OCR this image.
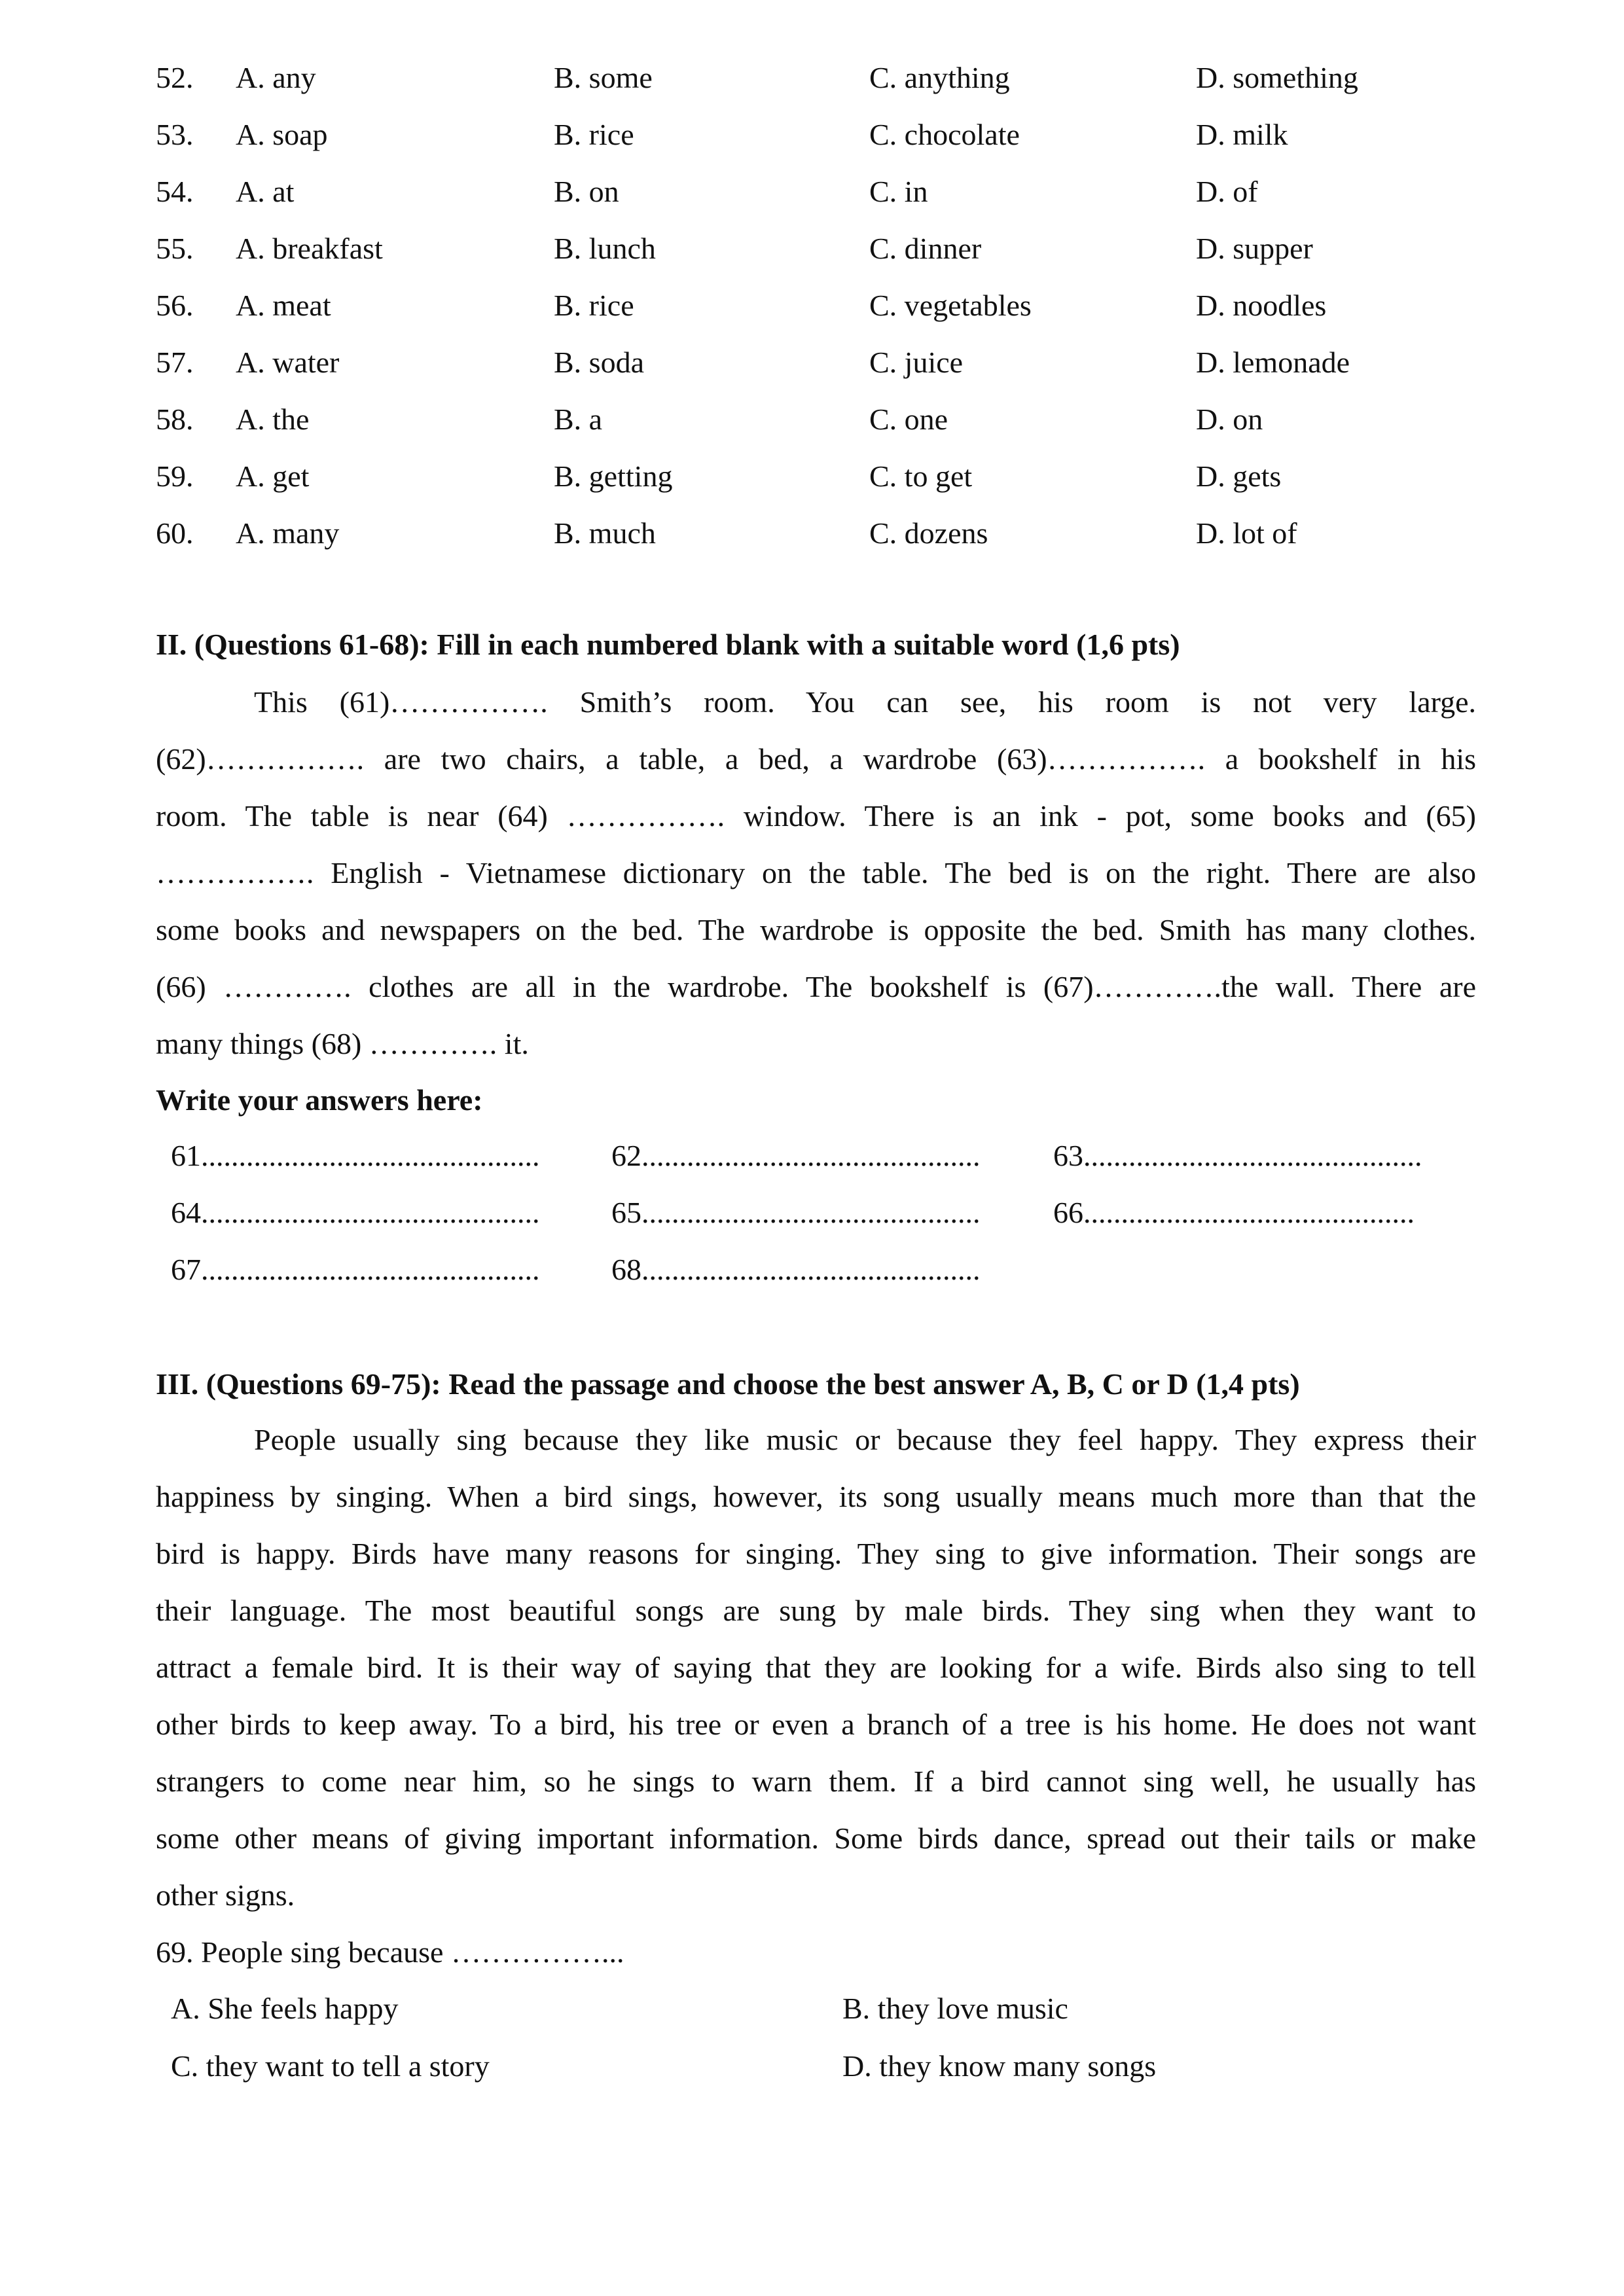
52. A. any	B. some	C. anything	D. something
53. A. soap	B. rice	C. chocolate	D. milk
54. A. at	B. on	C. in	D. of
55. A. breakfast	B. lunch	C. dinner	D. supper
56. A. meat	B. rice	C. vegetables	D. noodles
57. A. water	B. soda	C. juice	D. lemonade
58. A. the	B. a	C. one	D. on
59. A. get	B. getting	C. to get	D. gets
60. A. many	B. much	C. dozens	D. lot of
II. (Questions 61-68): Fill in each numbered blank with a suitable word (1,6 pts)
This (61)……………. Smith’s room. You can see, his room is not very large.
(62)……………. are two chairs, a table, a bed, a wardrobe (63)……………. a bookshelf in his
room. The table is near (64) ……………. window. There is an ink - pot, some books and (65)
……………. English - Vietnamese dictionary on the table. The bed is on the right. There are also
some books and newspapers on the bed. The wardrobe is opposite the bed. Smith has many clothes.
(66) …………. clothes are all in the wardrobe. The bookshelf is (67)………….the wall. There are
many things (68) …………. it.
Write your answers here:
61............................................. 62............................................. 63.............................................
64............................................. 65............................................. 66............................................
67............................................. 68.............................................
III. (Questions 69-75): Read the passage and choose the best answer A, B, C or D (1,4 pts)
People usually sing because they like music or because they feel happy. They express their
happiness by singing. When a bird sings, however, its song usually means much more than that the
bird is happy. Birds have many reasons for singing. They sing to give information. Their songs are
their language. The most beautiful songs are sung by male birds. They sing when they want to
attract a female bird. It is their way of saying that they are looking for a wife. Birds also sing to tell
other birds to keep away. To a bird, his tree or even a branch of a tree is his home. He does not want
strangers to come near him, so he sings to warn them. If a bird cannot sing well, he usually has
some other means of giving important information. Some birds dance, spread out their tails or make
other signs.
69. People sing because ……………...
A. She feels happy	B. they love music
C. they want to tell a story	D. they know many songs
